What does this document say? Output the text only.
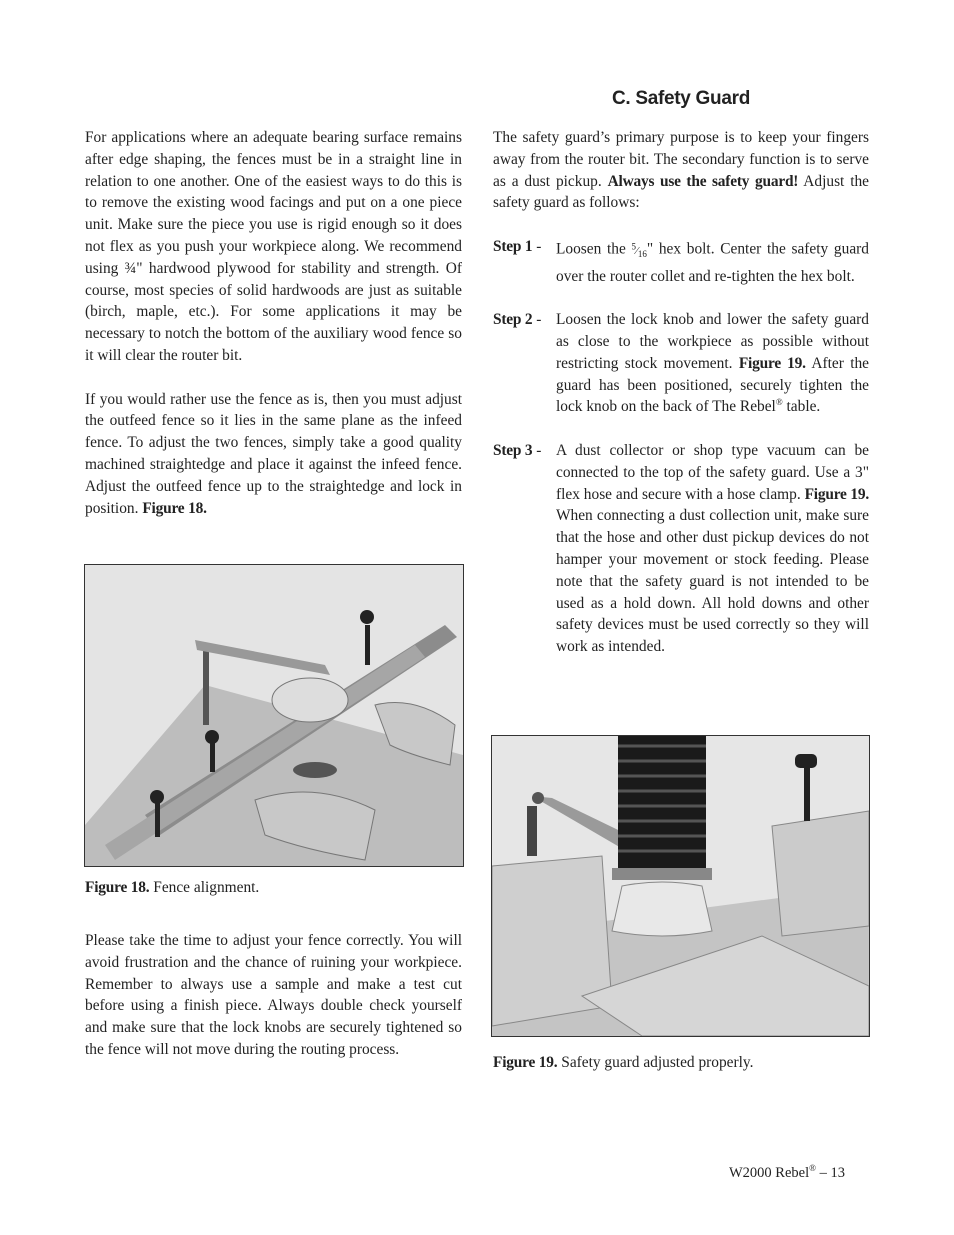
For applications where an adequate bearing surface remains after edge shaping, the fences must be in a straight line in relation to one another. One of the easiest ways to do this is to remove the existing wood facings and put on a one piece unit. Make sure the piece you use is rigid enough so it does not flex as you push your workpiece along. We recommend using ¾" hardwood plywood for stability and strength. Of course, most species of solid hardwoods are just as suitable (birch, maple, etc.). For some applications it may be necessary to notch the bottom of the auxiliary wood fence so it will clear the router bit.

If you would rather use the fence as is, then you must adjust the outfeed fence so it lies in the same plane as the infeed fence. To adjust the two fences, simply take a good quality machined straightedge and place it against the infeed fence. Adjust the outfeed fence up to the straightedge and lock in position. Figure 18.

Figure 18. Fence alignment.

Please take the time to adjust your fence correctly. You will avoid frustration and the chance of ruining your workpiece. Remember to always use a sample and make a test cut before using a finish piece. Always double check yourself and make sure that the lock knobs are securely tightened so the fence will not move during the routing process.

C. Safety Guard

The safety guard’s primary purpose is to keep your fingers away from the router bit. The secondary function is to serve as a dust pickup. Always use the safety guard! Adjust the safety guard as follows:

Step 1 - Loosen the $^5⁄_{16}$" hex bolt. Center the safety guard over the router collet and re-tighten the hex bolt.
Step 2 - Loosen the lock knob and lower the safety guard as close to the workpiece as possible without restricting stock movement. Figure 19. After the guard has been positioned, securely tighten the lock knob on the back of The Rebel® table.
Step 3 - A dust collector or shop type vacuum can be connected to the top of the safety guard. Use a 3" flex hose and secure with a hose clamp. Figure 19. When connecting a dust collection unit, make sure that the hose and other dust pickup devices do not hamper your movement or stock feeding. Please note that the safety guard is not intended to be used as a hold down. All hold downs and other safety devices must be used correctly so they will work as intended.
Figure 19. Safety guard adjusted properly.
W2000 Rebel® – 13
